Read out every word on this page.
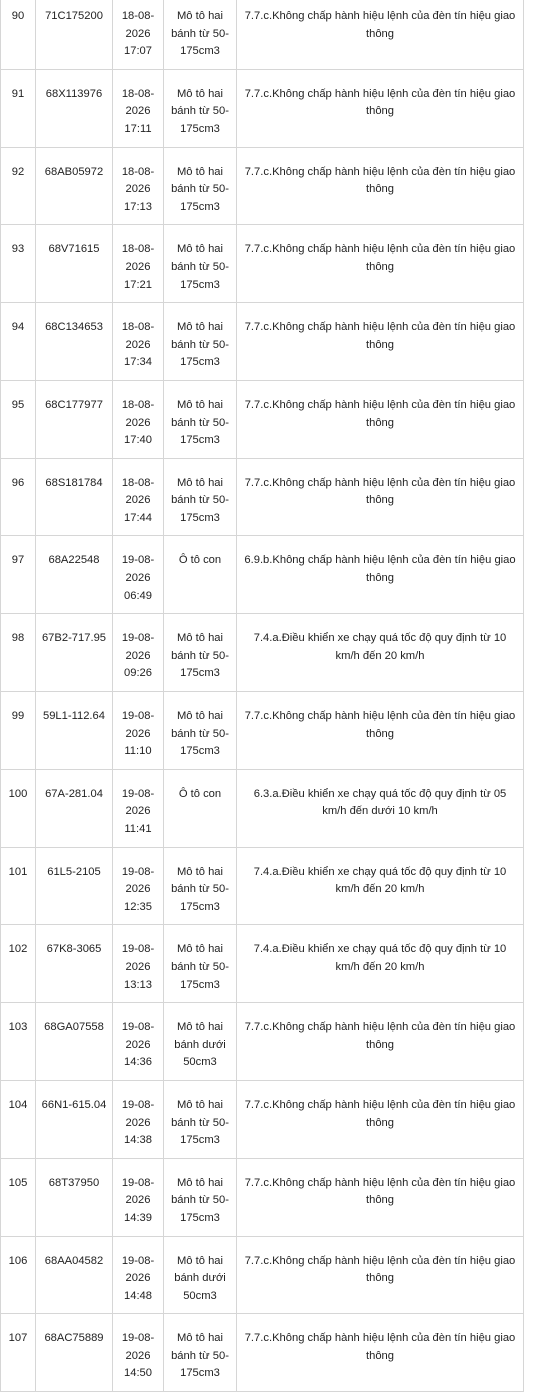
90	71C175200	18-08-2026 17:07	Mô tô hai bánh từ 50-175cm3	7.7.c.Không chấp hành hiệu lệnh của đèn tín hiệu giao thông
91	68X113976	18-08-2026 17:11	Mô tô hai bánh từ 50-175cm3	7.7.c.Không chấp hành hiệu lệnh của đèn tín hiệu giao thông
92	68AB05972	18-08-2026 17:13	Mô tô hai bánh từ 50-175cm3	7.7.c.Không chấp hành hiệu lệnh của đèn tín hiệu giao thông
93	68V71615	18-08-2026 17:21	Mô tô hai bánh từ 50-175cm3	7.7.c.Không chấp hành hiệu lệnh của đèn tín hiệu giao thông
94	68C134653	18-08-2026 17:34	Mô tô hai bánh từ 50-175cm3	7.7.c.Không chấp hành hiệu lệnh của đèn tín hiệu giao thông
95	68C177977	18-08-2026 17:40	Mô tô hai bánh từ 50-175cm3	7.7.c.Không chấp hành hiệu lệnh của đèn tín hiệu giao thông
96	68S181784	18-08-2026 17:44	Mô tô hai bánh từ 50-175cm3	7.7.c.Không chấp hành hiệu lệnh của đèn tín hiệu giao thông
97	68A22548	19-08-2026 06:49	Ô tô con	6.9.b.Không chấp hành hiệu lệnh của đèn tín hiệu giao thông
98	67B2-717.95	19-08-2026 09:26	Mô tô hai bánh từ 50-175cm3	7.4.a.Điều khiển xe chạy quá tốc độ quy định từ 10 km/h đến 20 km/h
99	59L1-112.64	19-08-2026 11:10	Mô tô hai bánh từ 50-175cm3	7.7.c.Không chấp hành hiệu lệnh của đèn tín hiệu giao thông
100	67A-281.04	19-08-2026 11:41	Ô tô con	6.3.a.Điều khiển xe chạy quá tốc độ quy định từ 05 km/h đến dưới 10 km/h
101	61L5-2105	19-08-2026 12:35	Mô tô hai bánh từ 50-175cm3	7.4.a.Điều khiển xe chạy quá tốc độ quy định từ 10 km/h đến 20 km/h
102	67K8-3065	19-08-2026 13:13	Mô tô hai bánh từ 50-175cm3	7.4.a.Điều khiển xe chạy quá tốc độ quy định từ 10 km/h đến 20 km/h
103	68GA07558	19-08-2026 14:36	Mô tô hai bánh dưới 50cm3	7.7.c.Không chấp hành hiệu lệnh của đèn tín hiệu giao thông
104	66N1-615.04	19-08-2026 14:38	Mô tô hai bánh từ 50-175cm3	7.7.c.Không chấp hành hiệu lệnh của đèn tín hiệu giao thông
105	68T37950	19-08-2026 14:39	Mô tô hai bánh từ 50-175cm3	7.7.c.Không chấp hành hiệu lệnh của đèn tín hiệu giao thông
106	68AA04582	19-08-2026 14:48	Mô tô hai bánh dưới 50cm3	7.7.c.Không chấp hành hiệu lệnh của đèn tín hiệu giao thông
107	68AC75889	19-08-2026 14:50	Mô tô hai bánh từ 50-175cm3	7.7.c.Không chấp hành hiệu lệnh của đèn tín hiệu giao thông
